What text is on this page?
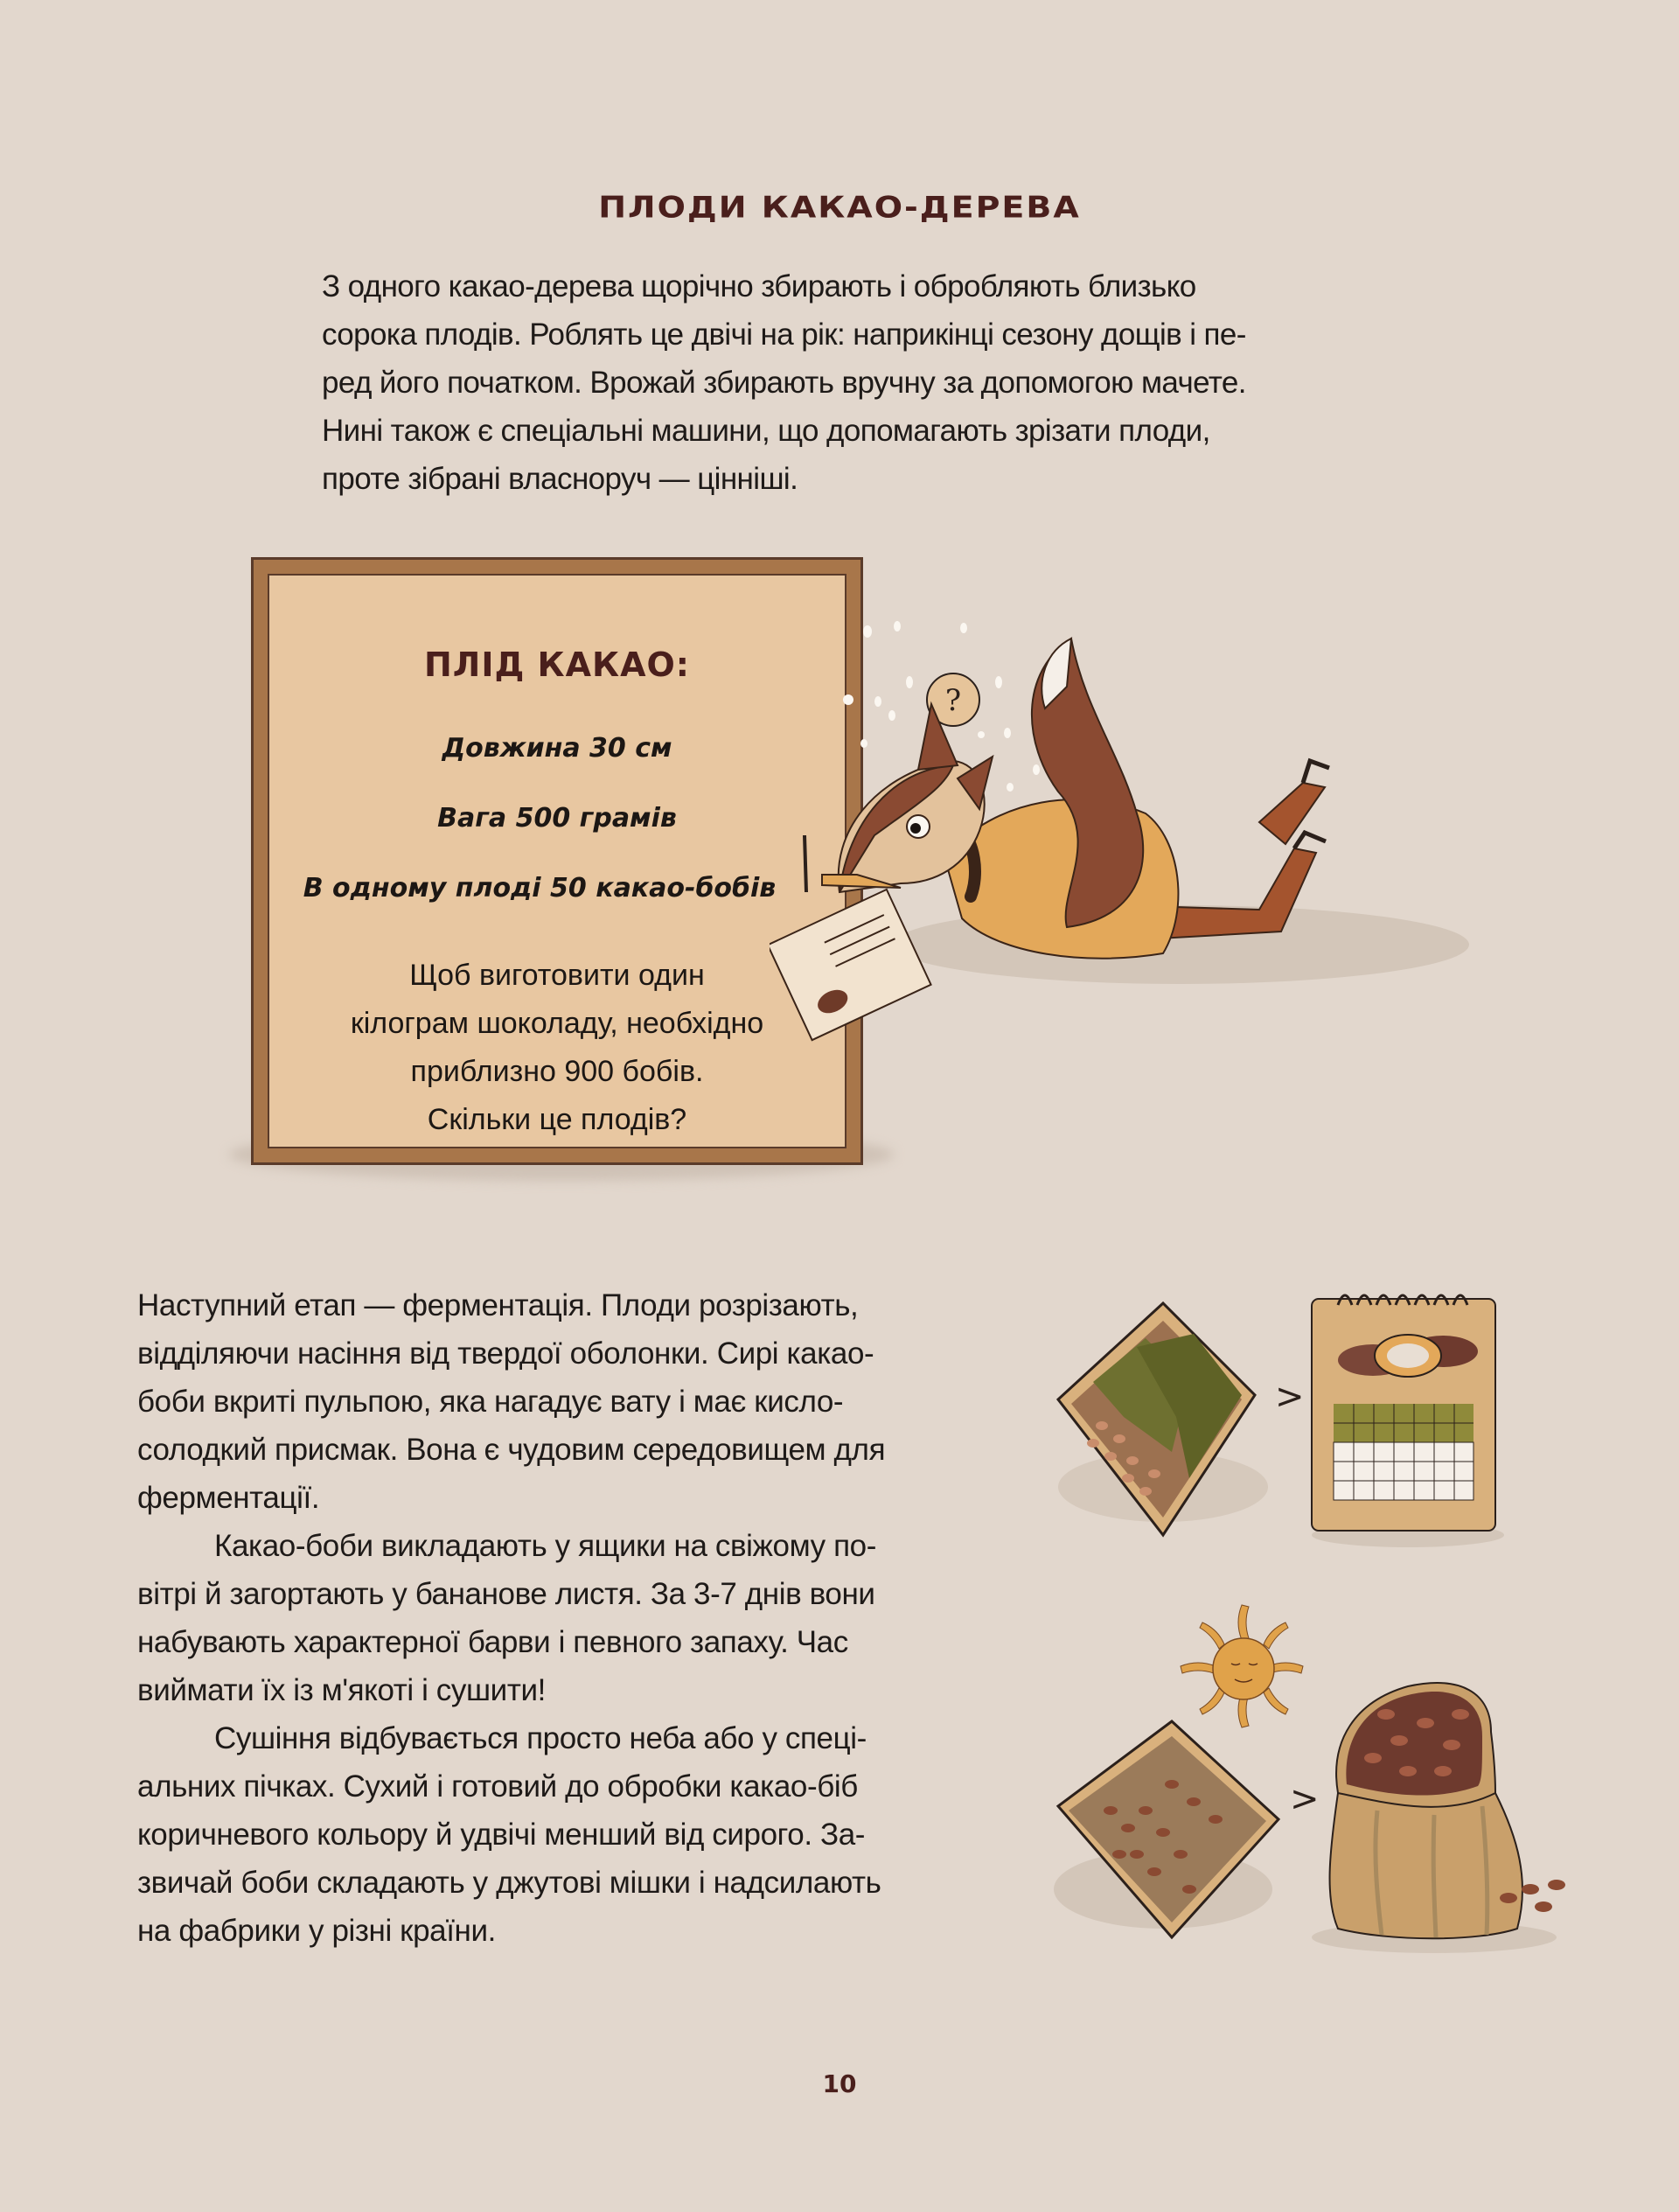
ПЛОДИ КАКАО-ДЕРЕВА
З одного какао-дерева щорічно збирають і обробляють близько
сорока плодів. Роблять це двічі на рік: наприкінці сезону дощів і пе-
ред його початком. Врожай збирають вручну за допомогою мачете.
Нині також є спеціальні машини, що допомагають зрізати плоди,
проте зібрані власноруч — цінніші.
ПЛІД КАКАО:
Довжина 30 см
Вага 500 грамів
В одному плоді 50 какао-бобів
Щоб виготовити один
кілограм шоколаду, необхідно
приблизно 900 бобів.
Скільки це плодів?
?
Наступний етап — ферментація. Плоди розрізають,
відділяючи насіння від твердої оболонки. Сирі какао-
боби вкриті пульпою, яка нагадує вату і має кисло-
солодкий присмак. Вона є чудовим середовищем для
ферментації.
Какао-боби викладають у ящики на свіжому по-
вітрі й загортають у бананове листя. За 3-7 днів вони
набувають характерної барви і певного запаху. Час
виймати їх із м'якоті і сушити!
Сушіння відбувається просто неба або у спеці-
альних пічках. Сухий і готовий до обробки какао-біб
коричневого кольору й удвічі менший від сирого. За-
звичай боби складають у джутові мішки і надсилають
на фабрики у різні країни.
>
>
10
